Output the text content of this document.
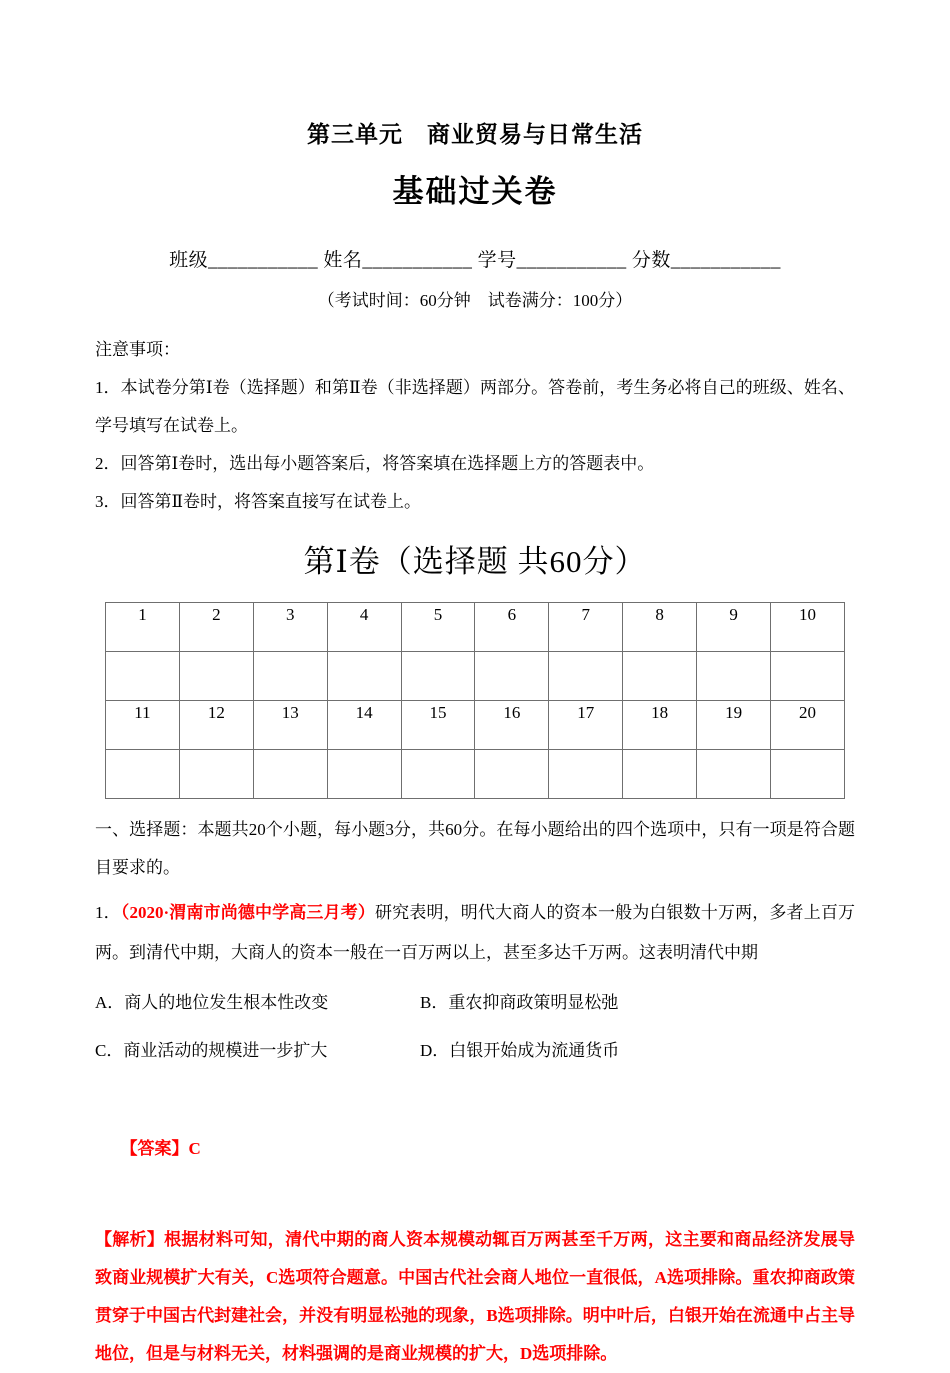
第三单元　商业贸易与日常生活
基础过关卷
班级___________ 姓名___________ 学号___________ 分数___________
（考试时间：60分钟　试卷满分：100分）
注意事项：
1．本试卷分第Ⅰ卷（选择题）和第Ⅱ卷（非选择题）两部分。答卷前，考生务必将自己的班级、姓名、学号填写在试卷上。
2．回答第Ⅰ卷时，选出每小题答案后，将答案填在选择题上方的答题表中。
3．回答第Ⅱ卷时，将答案直接写在试卷上。
第Ⅰ卷（选择题 共60分）
1	2	3	4	5	6	7	8	9	10

11	12	13	14	15	16	17	18	19	20

一、选择题：本题共20个小题，每小题3分，共60分。在每小题给出的四个选项中，只有一项是符合题目要求的。
1．（2020·渭南市尚德中学高三月考）研究表明，明代大商人的资本一般为白银数十万两，多者上百万两。到清代中期，大商人的资本一般在一百万两以上，甚至多达千万两。这表明清代中期
A．商人的地位发生根本性改变	B．重农抑商政策明显松弛
C．商业活动的规模进一步扩大	D．白银开始成为流通货币

【答案】C

【解析】根据材料可知，清代中期的商人资本规模动辄百万两甚至千万两，这主要和商品经济发展导致商业规模扩大有关，C选项符合题意。中国古代社会商人地位一直很低，A选项排除。重农抑商政策贯穿于中国古代封建社会，并没有明显松弛的现象，B选项排除。明中叶后，白银开始在流通中占主导地位，但是与材料无关，材料强调的是商业规模的扩大，D选项排除。
